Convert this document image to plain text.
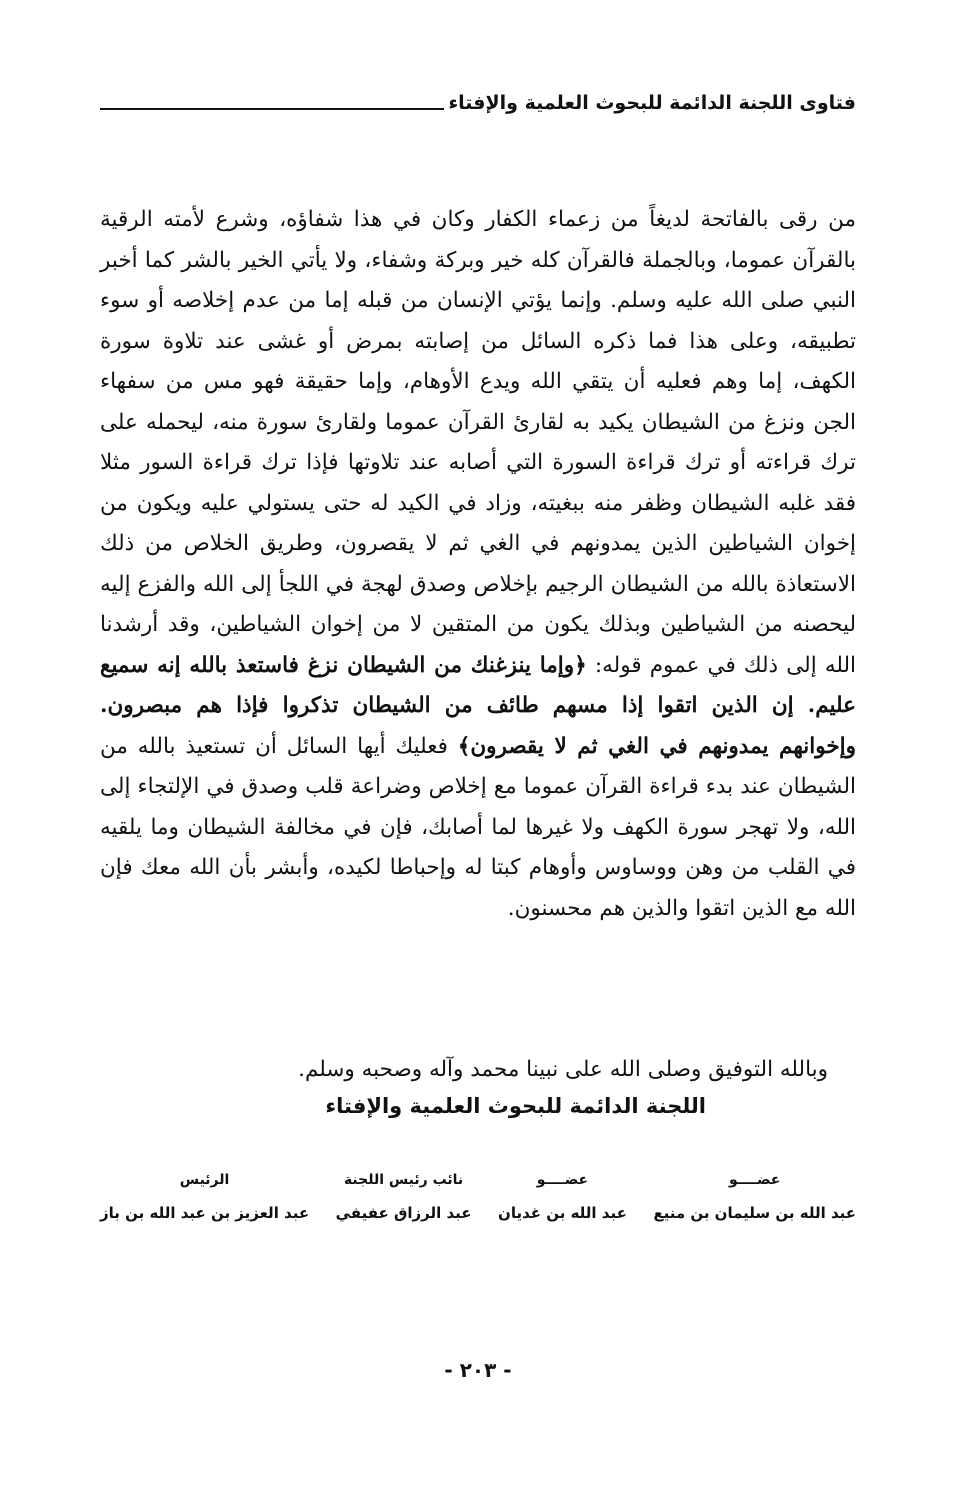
فتاوى اللجنة الدائمة للبحوث العلمية والإفتاء

من رقى بالفاتحة لديغاً من زعماء الكفار وكان في هذا شفاؤه، وشرع لأمته الرقية بالقرآن عموما، وبالجملة فالقرآن كله خير وبركة وشفاء، ولا يأتي الخير بالشر كما أخبر النبي صلى الله عليه وسلم. وإنما يؤتي الإنسان من قبله إما من عدم إخلاصه أو سوء تطبيقه، وعلى هذا فما ذكره السائل من إصابته بمرض أو غشى عند تلاوة سورة الكهف، إما وهم فعليه أن يتقي الله ويدع الأوهام، وإما حقيقة فهو مس من سفهاء الجن ونزغ من الشيطان يكيد به لقارئ القرآن عموما ولقارئ سورة منه، ليحمله على ترك قراءته أو ترك قراءة السورة التي أصابه عند تلاوتها فإذا ترك قراءة السور مثلا فقد غلبه الشيطان وظفر منه ببغيته، وزاد في الكيد له حتى يستولي عليه ويكون من إخوان الشياطين الذين يمدونهم في الغي ثم لا يقصرون، وطريق الخلاص من ذلك الاستعاذة بالله من الشيطان الرجيم بإخلاص وصدق لهجة في اللجأ إلى الله والفزع إليه ليحصنه من الشياطين وبذلك يكون من المتقين لا من إخوان الشياطين، وقد أرشدنا الله إلى ذلك في عموم قوله: ﴿وإما ينزغنك من الشيطان نزغ فاستعذ بالله إنه سميع عليم. إن الذين اتقوا إذا مسهم طائف من الشيطان تذكروا فإذا هم مبصرون. وإخوانهم يمدونهم في الغي ثم لا يقصرون﴾ فعليك أيها السائل أن تستعيذ بالله من الشيطان عند بدء قراءة القرآن عموما مع إخلاص وضراعة قلب وصدق في الإلتجاء إلى الله، ولا تهجر سورة الكهف ولا غيرها لما أصابك، فإن في مخالفة الشيطان وما يلقيه في القلب من وهن ووساوس وأوهام كبتا له وإحباطا لكيده، وأبشر بأن الله معك فإن الله مع الذين اتقوا والذين هم محسنون.

وبالله التوفيق وصلى الله على نبينا محمد وآله وصحبه وسلم.
اللجنة الدائمة للبحوث العلمية والإفتاء
عضــــو
عبد الله بن سليمان بن منيع
عضــــو
عبد الله بن غديان
نائب رئيس اللجنة
عبد الرزاق عفيفي
الرئيس
عبد العزيز بن عبد الله بن باز
- ٢٠٣ -
